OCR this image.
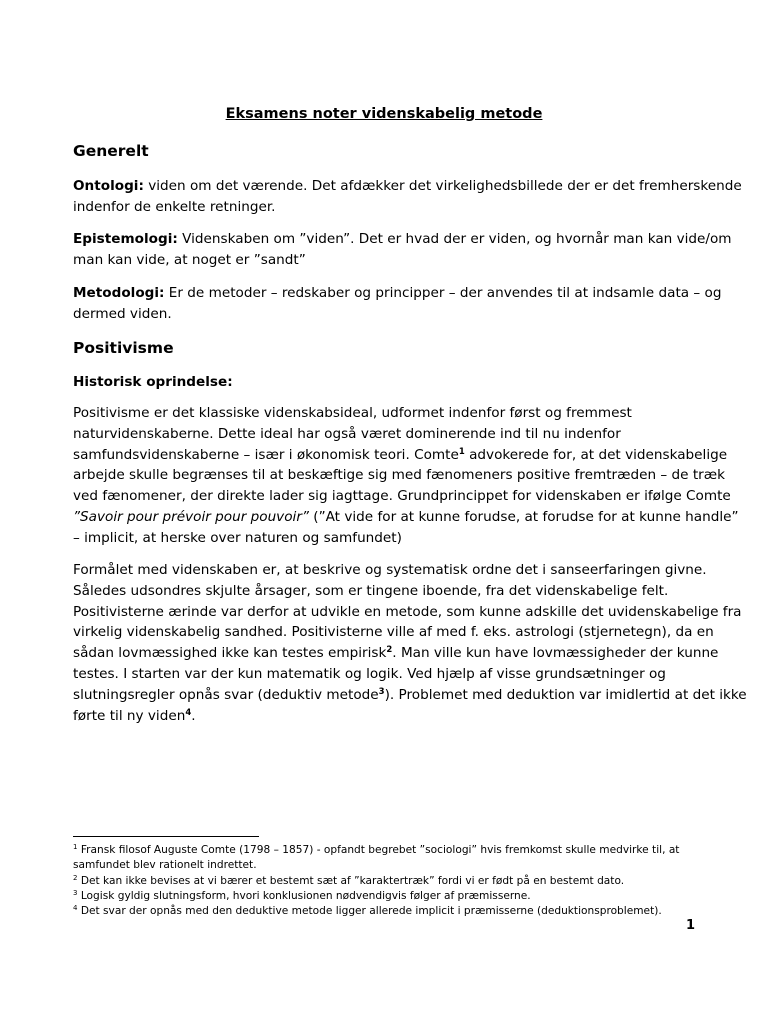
Eksamens noter videnskabelig metode
Generelt
Ontologi: viden om det værende. Det afdækker det virkelighedsbillede der er det fremherskende
indenfor de enkelte retninger.
Epistemologi: Videnskaben om ”viden”. Det er hvad der er viden, og hvornår man kan vide/om
man kan vide, at noget er ”sandt”
Metodologi: Er de metoder – redskaber og principper – der anvendes til at indsamle data – og
dermed viden.
Positivisme
Historisk oprindelse:
Positivisme er det klassiske videnskabsideal, udformet indenfor først og fremmest
naturvidenskaberne. Dette ideal har også været dominerende ind til nu indenfor
samfundsvidenskaberne – især i økonomisk teori. Comte$^1$ advokerede for, at det videnskabelige
arbejde skulle begrænses til at beskæftige sig med fænomeners positive fremtræden – de træk
ved fænomener, der direkte lader sig iagttage. Grundprincippet for videnskaben er ifølge Comte
”Savoir pour prévoir pour pouvoir” (”At vide for at kunne forudse, at forudse for at kunne handle”
– implicit, at herske over naturen og samfundet)
Formålet med videnskaben er, at beskrive og systematisk ordne det i sanseerfaringen givne.
Således udsondres skjulte årsager, som er tingene iboende, fra det videnskabelige felt.
Positivisterne ærinde var derfor at udvikle en metode, som kunne adskille det uvidenskabelige fra
virkelig videnskabelig sandhed. Positivisterne ville af med f. eks. astrologi (stjernetegn), da en
sådan lovmæssighed ikke kan testes empirisk$^2$. Man ville kun have lovmæssigheder der kunne
testes. I starten var der kun matematik og logik. Ved hjælp af visse grundsætninger og
slutningsregler opnås svar (deduktiv metode$^3$). Problemet med deduktion var imidlertid at det ikke
førte til ny viden$^4$.
$^1$ Fransk filosof Auguste Comte (1798 – 1857) - opfandt begrebet ”sociologi” hvis fremkomst skulle medvirke til, at
samfundet blev rationelt indrettet.
$^2$ Det kan ikke bevises at vi bærer et bestemt sæt af ”karaktertræk” fordi vi er født på en bestemt dato.
$^3$ Logisk gyldig slutningsform, hvori konklusionen nødvendigvis følger af præmisserne.
$^4$ Det svar der opnås med den deduktive metode ligger allerede implicit i præmisserne (deduktionsproblemet).
1
